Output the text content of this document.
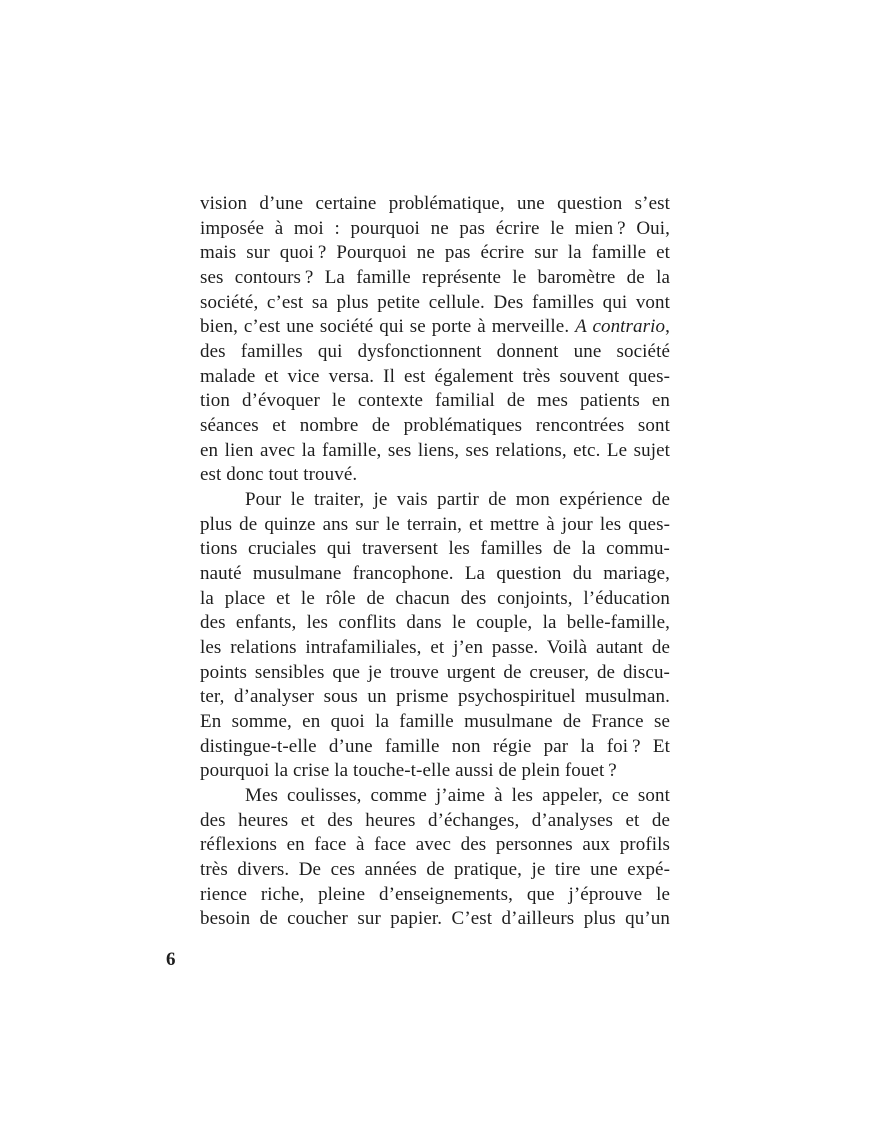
vision d’une certaine problématique, une question s’est
imposée à moi : pourquoi ne pas écrire le mien ? Oui,
mais sur quoi ? Pourquoi ne pas écrire sur la famille et
ses contours ? La famille représente le baromètre de la
société, c’est sa plus petite cellule. Des familles qui vont
bien, c’est une société qui se porte à merveille. A contrario,
des familles qui dysfonctionnent donnent une société
malade et vice versa. Il est également très souvent ques-
tion d’évoquer le contexte familial de mes patients en
séances et nombre de problématiques rencontrées sont
en lien avec la famille, ses liens, ses relations, etc. Le sujet
est donc tout trouvé.
Pour le traiter, je vais partir de mon expérience de
plus de quinze ans sur le terrain, et mettre à jour les ques-
tions cruciales qui traversent les familles de la commu-
nauté musulmane francophone. La question du mariage,
la place et le rôle de chacun des conjoints, l’éducation
des enfants, les conflits dans le couple, la belle-famille,
les relations intrafamiliales, et j’en passe. Voilà autant de
points sensibles que je trouve urgent de creuser, de discu-
ter, d’analyser sous un prisme psychospirituel musulman.
En somme, en quoi la famille musulmane de France se
distingue-t-elle d’une famille non régie par la foi ? Et
pourquoi la crise la touche-t-elle aussi de plein fouet ?
Mes coulisses, comme j’aime à les appeler, ce sont
des heures et des heures d’échanges, d’analyses et de
réflexions en face à face avec des personnes aux profils
très divers. De ces années de pratique, je tire une expé-
rience riche, pleine d’enseignements, que j’éprouve le
besoin de coucher sur papier. C’est d’ailleurs plus qu’un
6
